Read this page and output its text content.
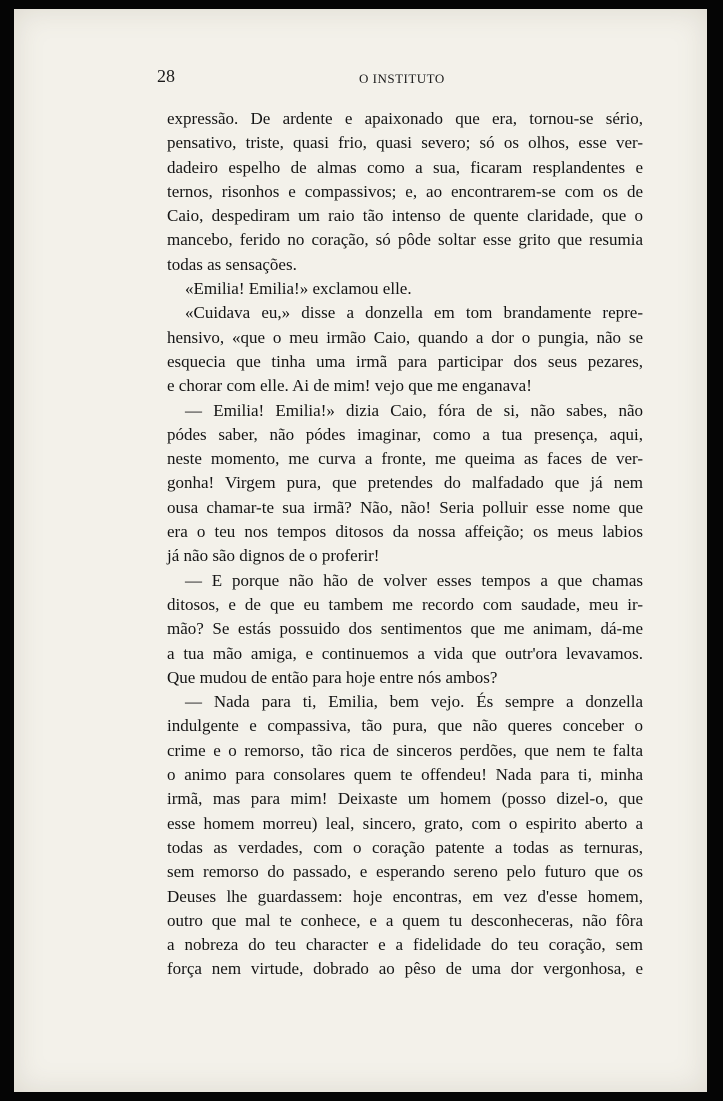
28	O INSTITUTO
expressão. De ardente e apaixonado que era, tornou-se sério,
pensativo, triste, quasi frio, quasi severo; só os olhos, esse ver-
dadeiro espelho de almas como a sua, ficaram resplandentes e
ternos, risonhos e compassivos; e, ao encontrarem-se com os de
Caio, despediram um raio tão intenso de quente claridade, que o
mancebo, ferido no coração, só pôde soltar esse grito que resumia
todas as sensações.
«Emilia! Emilia!» exclamou elle.
«Cuidava eu,» disse a donzella em tom brandamente repre-
hensivo, «que o meu irmão Caio, quando a dor o pungia, não se
esquecia que tinha uma irmã para participar dos seus pezares,
e chorar com elle. Ai de mim! vejo que me enganava!
— Emilia! Emilia!» dizia Caio, fóra de si, não sabes, não
pódes saber, não pódes imaginar, como a tua presença, aqui,
neste momento, me curva a fronte, me queima as faces de ver-
gonha! Virgem pura, que pretendes do malfadado que já nem
ousa chamar-te sua irmã? Não, não! Seria polluir esse nome que
era o teu nos tempos ditosos da nossa affeição; os meus labios
já não são dignos de o proferir!
— E porque não hão de volver esses tempos a que chamas
ditosos, e de que eu tambem me recordo com saudade, meu ir-
mão? Se estás possuido dos sentimentos que me animam, dá-me
a tua mão amiga, e continuemos a vida que outr'ora levavamos.
Que mudou de então para hoje entre nós ambos?
— Nada para ti, Emilia, bem vejo. És sempre a donzella
indulgente e compassiva, tão pura, que não queres conceber o
crime e o remorso, tão rica de sinceros perdões, que nem te falta
o animo para consolares quem te offendeu! Nada para ti, minha
irmã, mas para mim! Deixaste um homem (posso dizel-o, que
esse homem morreu) leal, sincero, grato, com o espirito aberto a
todas as verdades, com o coração patente a todas as ternuras,
sem remorso do passado, e esperando sereno pelo futuro que os
Deuses lhe guardassem: hoje encontras, em vez d'esse homem,
outro que mal te conhece, e a quem tu desconheceras, não fôra
a nobreza do teu character e a fidelidade do teu coração, sem
força nem virtude, dobrado ao pêso de uma dor vergonhosa, e
